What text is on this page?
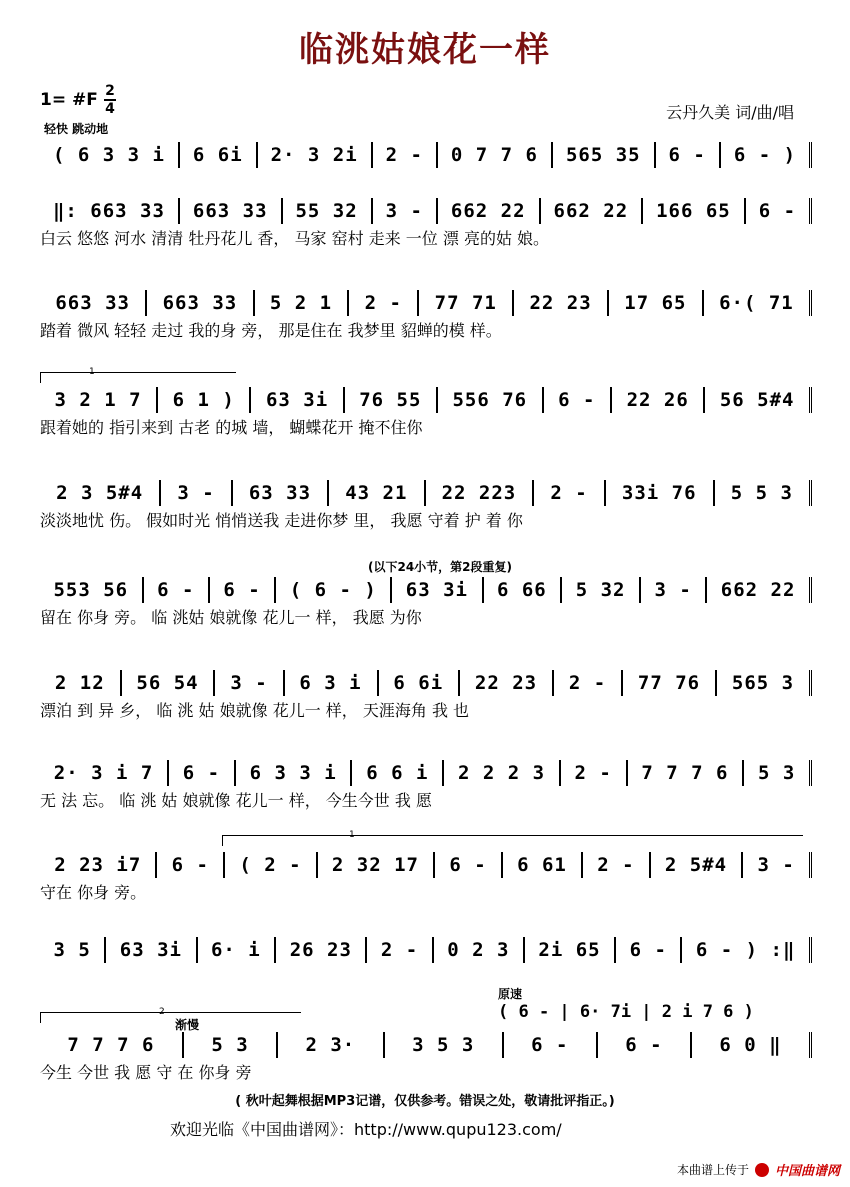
临洮姑娘花一样
1= #F 2
4
轻快 跳动地
云丹久美 词/曲/唱
( 6 3 3 i	6 6i	2· 3 2i	2 -	0 7 7 6	565 35	6 -	6 - )
‖: 663 33	663 33	55 32	3 -	662 22	662 22	166 65	6 -
白云 悠悠 河水 清清 牡丹花儿 香， 马家 窑村 走来 一位 漂 亮的姑 娘。
663 33	663 33	5 2 1	2 -	77 71	22 23	17 65	6·( 71
踏着 微风 轻轻 走过 我的身 旁， 那是住在 我梦里 貂蝉的模 样。
3 2 1 7	6 1 )	63 3i	76 55	556 76	6 -	22 26	56 5#4
跟着她的 指引来到 古老 的城 墙， 蝴蝶花开 掩不住你
2 3 5#4	3 -	63 33	43 21	22 223	2 -	33i 76	5 5 3
淡淡地忧 伤。 假如时光 悄悄送我 走进你梦 里， 我愿 守着 护 着 你
553 56	6 -	6 -	( 6 - )	63 3i	6 66	5 32	3 -	662 22
留在 你身 旁。 临 洮姑 娘就像 花儿一 样， 我愿 为你
2 12	56 54	3 -	6 3 i	6 6i	22 23	2 -	77 76	565 3
漂泊 到 异 乡， 临 洮 姑 娘就像 花儿一 样， 天涯海角 我 也
2· 3 i 7	6 -	6 3 3 i	6 6 i	2 2 2 3	2 -	7 7 7 6	5 3
无 法 忘。 临 洮 姑 娘就像 花儿一 样， 今生今世 我 愿
2 23 i7	6 -	( 2 -	2 32 17	6 -	6 61	2 -	2 5#4	3 -
守在 你身 旁。
3 5	63 3i	6· i	26 23	2 -	0 2 3	2i 65	6 -	6 - ) :‖
7 7 7 6	5 3	2 3·	3 5 3	6 -	6 -	6 0 ‖
今生 今世 我 愿 守 在 你身 旁
1
(以下24小节，第2段重复)
1
2
渐慢
原速
( 6 - | 6· 7i | 2 i 7 6 )
( 秋叶起舞根据MP3记谱，仅供参考。错误之处，敬请批评指正。)
欢迎光临《中国曲谱网》：http://www.qupu123.com/
本曲谱上传于 中国曲谱网
